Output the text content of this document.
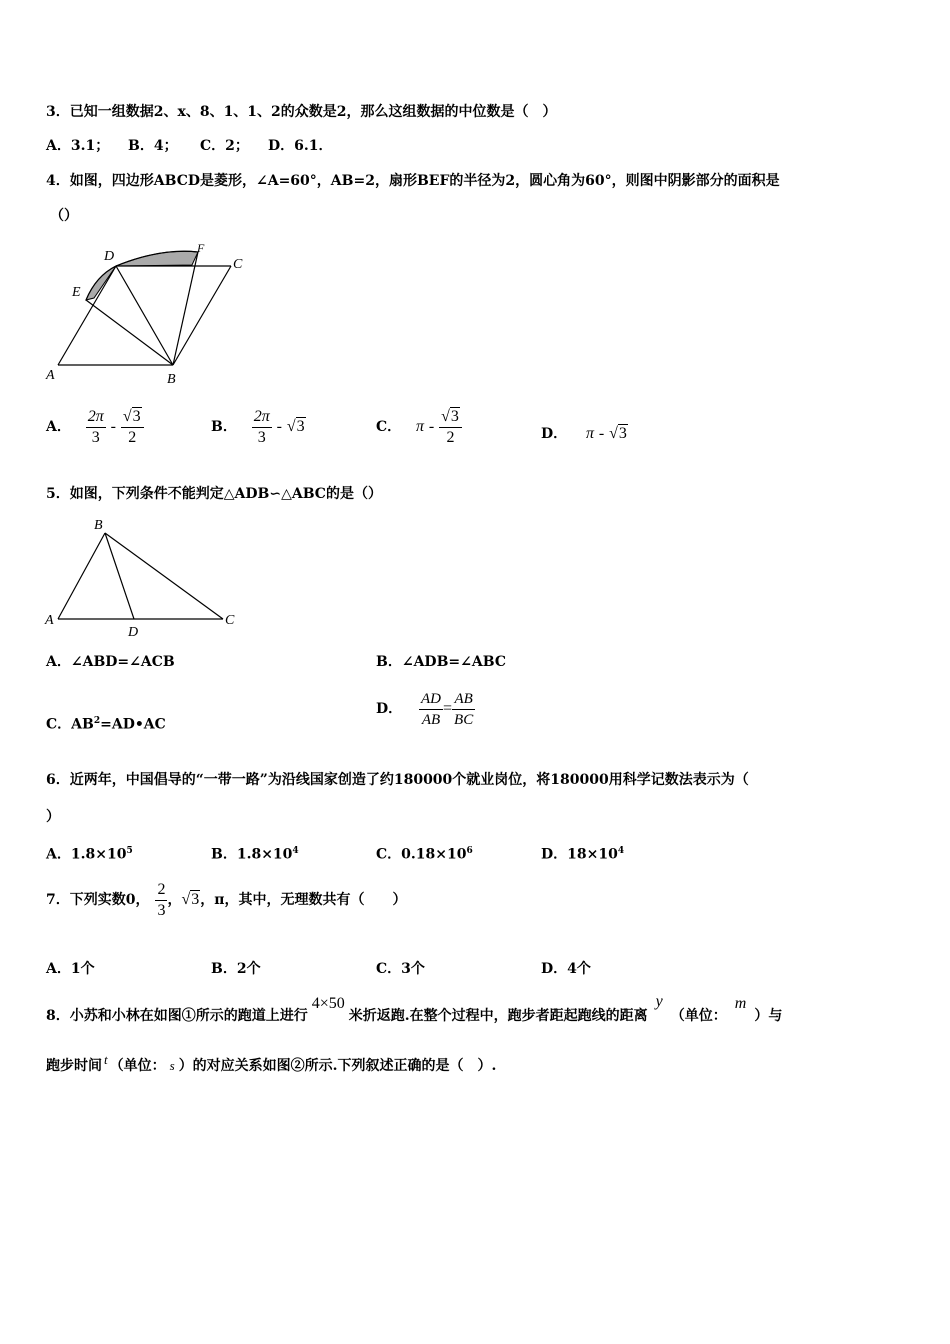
3．已知一组数据2、x、8、1、1、2的众数是2，那么这组数据的中位数是（　）
A．3.1； B．4； C．2； D．6.1．
4．如图，四边形ABCD是菱形，∠A=60°，AB=2，扇形BEF的半径为2，圆心角为60°，则图中阴影部分的面积是
（）
A	B
C
D
E
F
A． $\frac{2\pi}{3} - \frac{√3}{2}$	B． $\frac{2\pi}{3} - √3$	C． π - $\frac{√3}{2}$	D． π - √3
5．如图，下列条件不能判定△ADB∽△ABC的是（）
A
B
C
D
A．∠ABD=∠ACB	B．∠ADB=∠ABC
C．$AB^2=AD•AC$
D． $\frac{AD}{AB} = \frac{AB}{BC}$
6．近两年，中国倡导的“一带一路”为沿线国家创造了约180000个就业岗位，将180000用科学记数法表示为（
）
A．$1.8\times 10^5$	B．$1.8\times 10^4$	C．$0.18\times 10^6$	D．$18\times 10^4$
7．下列实数0， $\frac{2}{3}$ ，√3，π，其中，无理数共有（　　）
A．1个	B．2个	C．3个	D．4个
8．小苏和小林在如图①所示的跑道上进行4×50米折返跑.在整个过程中，跑步者距起跑线的距离y（单位：m）与
跑步时间 t （单位： s ）的对应关系如图②所示.下列叙述正确的是（　）.
